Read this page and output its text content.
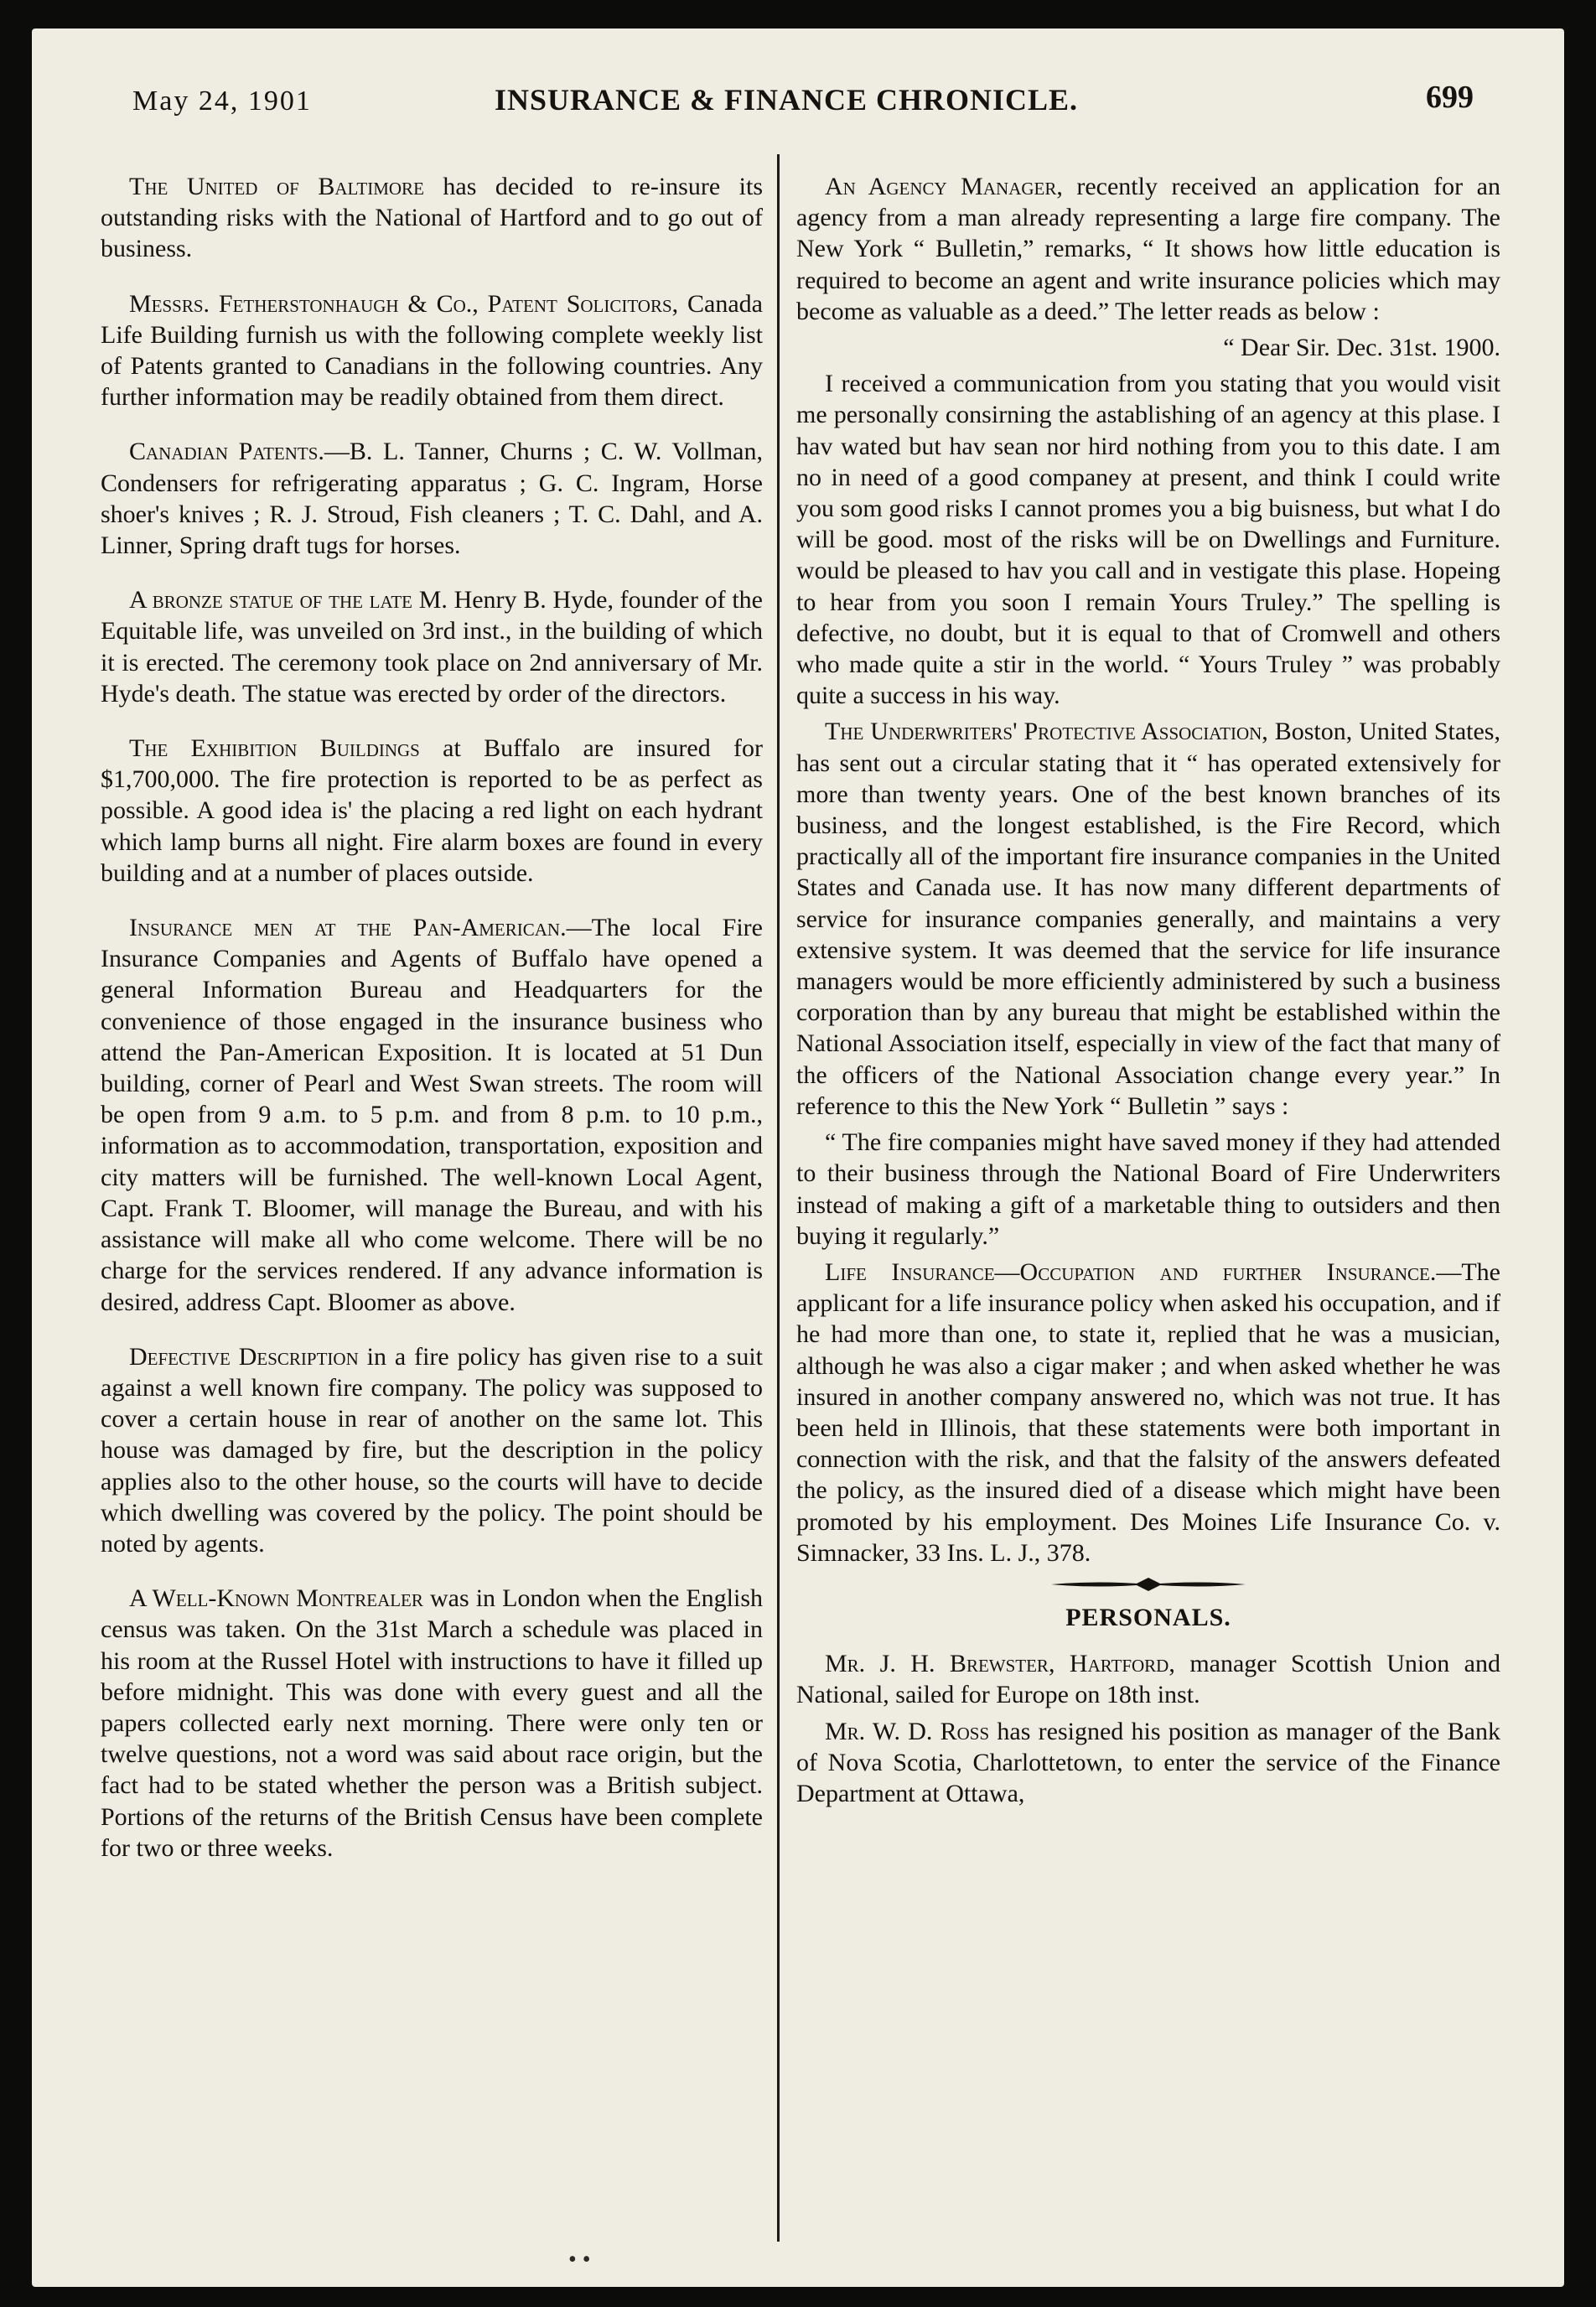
May 24, 1901	INSURANCE & FINANCE CHRONICLE.	699

The United of Baltimore has decided to re-insure its outstanding risks with the National of Hartford and to go out of business.

Messrs. Fetherstonhaugh & Co., Patent Solicitors, Canada Life Building furnish us with the following complete weekly list of Patents granted to Canadians in the following countries. Any further information may be readily obtained from them direct.

Canadian Patents.—B. L. Tanner, Churns ; C. W. Vollman, Condensers for refrigerating apparatus ; G. C. Ingram, Horse shoer's knives ; R. J. Stroud, Fish cleaners ; T. C. Dahl, and A. Linner, Spring draft tugs for horses.

A bronze statue of the late M. Henry B. Hyde, founder of the Equitable life, was unveiled on 3rd inst., in the building of which it is erected. The ceremony took place on 2nd anniversary of Mr. Hyde's death. The statue was erected by order of the directors.

The Exhibition Buildings at Buffalo are insured for $1,700,000. The fire protection is reported to be as perfect as possible. A good idea is' the placing a red light on each hydrant which lamp burns all night. Fire alarm boxes are found in every building and at a number of places outside.

Insurance men at the Pan-American.—The local Fire Insurance Companies and Agents of Buffalo have opened a general Information Bureau and Headquarters for the convenience of those engaged in the insurance business who attend the Pan-American Exposition. It is located at 51 Dun building, corner of Pearl and West Swan streets. The room will be open from 9 a.m. to 5 p.m. and from 8 p.m. to 10 p.m., information as to accommodation, transportation, exposition and city matters will be furnished. The well-known Local Agent, Capt. Frank T. Bloomer, will manage the Bureau, and with his assistance will make all who come welcome. There will be no charge for the services rendered. If any advance information is desired, address Capt. Bloomer as above.

Defective Description in a fire policy has given rise to a suit against a well known fire company. The policy was supposed to cover a certain house in rear of another on the same lot. This house was damaged by fire, but the description in the policy applies also to the other house, so the courts will have to decide which dwelling was covered by the policy. The point should be noted by agents.

A Well-Known Montrealer was in London when the English census was taken. On the 31st March a schedule was placed in his room at the Russel Hotel with instructions to have it filled up before midnight. This was done with every guest and all the papers collected early next morning. There were only ten or twelve questions, not a word was said about race origin, but the fact had to be stated whether the person was a British subject. Portions of the returns of the British Census have been complete for two or three weeks.

An Agency Manager, recently received an application for an agency from a man already representing a large fire company. The New York “ Bulletin,” remarks, “ It shows how little education is required to become an agent and write insurance policies which may become as valuable as a deed.” The letter reads as below :

“ Dear Sir. Dec. 31st. 1900.

I received a communication from you stating that you would visit me personally consirning the astablishing of an agency at this plase. I hav wated but hav sean nor hird nothing from you to this date. I am no in need of a good companey at present, and think I could write you som good risks I cannot promes you a big buisness, but what I do will be good. most of the risks will be on Dwellings and Furniture. would be pleased to hav you call and in vestigate this plase. Hopeing to hear from you soon I remain Yours Truley.” The spelling is defective, no doubt, but it is equal to that of Cromwell and others who made quite a stir in the world. “ Yours Truley ” was probably quite a success in his way.

The Underwriters' Protective Association, Boston, United States, has sent out a circular stating that it “ has operated extensively for more than twenty years. One of the best known branches of its business, and the longest established, is the Fire Record, which practically all of the important fire insurance companies in the United States and Canada use. It has now many different departments of service for insurance companies generally, and maintains a very extensive system. It was deemed that the service for life insurance managers would be more efficiently administered by such a business corporation than by any bureau that might be established within the National Association itself, especially in view of the fact that many of the officers of the National Association change every year.” In reference to this the New York “ Bulletin ” says :

“ The fire companies might have saved money if they had attended to their business through the National Board of Fire Underwriters instead of making a gift of a marketable thing to outsiders and then buying it regularly.”

Life Insurance—Occupation and further Insurance.—The applicant for a life insurance policy when asked his occupation, and if he had more than one, to state it, replied that he was a musician, although he was also a cigar maker ; and when asked whether he was insured in another company answered no, which was not true. It has been held in Illinois, that these statements were both important in connection with the risk, and that the falsity of the answers defeated the policy, as the insured died of a disease which might have been promoted by his employment. Des Moines Life Insurance Co. v. Simnacker, 33 Ins. L. J., 378.

PERSONALS.

Mr. J. H. Brewster, Hartford, manager Scottish Union and National, sailed for Europe on 18th inst.

Mr. W. D. Ross has resigned his position as manager of the Bank of Nova Scotia, Charlottetown, to enter the service of the Finance Department at Ottawa,

• •
